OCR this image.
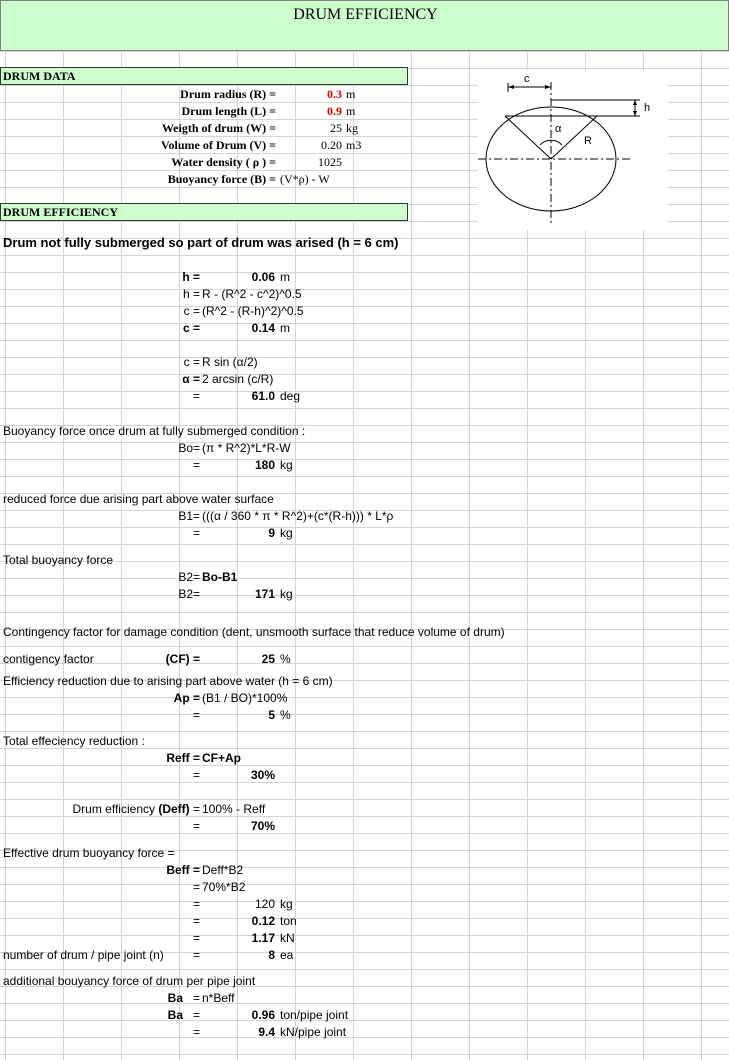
DRUM EFFICIENCY
DRUM DATA
Drum radius (R) =	0.3 m
Drum length (L) =	0.9 m
Weigth of drum (W) =	25 kg
Volume of Drum (V) =	0.20 m3
Water density ( ρ ) =	1025
Buoyancy force (B) = (V*ρ) - W
DRUM EFFICIENCY
Drum not fully submerged so part of drum was arised (h = 6 cm)
h =	0.06 m
h = R - (R^2 - c^2)^0.5
c = (R^2 - (R-h)^2)^0.5
c =	0.14 m
c = R sin (α/2)
α = 2 arcsin (c/R)
=	61.0 deg
Buoyancy force once drum at fully submerged condition :
Bo= (π * R^2)*L*R-W
=	180 kg
reduced force due arising part above water surface
B1= (((α / 360 * π * R^2)+(c*(R-h))) * L*ρ
=	9 kg
Total buoyancy force
B2= Bo-B1
B2=	171 kg
Contingency factor for damage condition (dent, unsmooth surface that reduce volume of drum)
contigency factor	(CF) =	25 %
Efficiency reduction due to arising part above water (h = 6 cm)
Ap = (B1 / BO)*100%
=	5 %
Total effeciency reduction :
Reff = CF+Ap
=	30%
Drum efficiency (Deff) = 100% - Reff
=	70%
Effective drum buoyancy force =
Beff = Deff*B2
= 70%*B2
=	120 kg
=	0.12 ton
=	1.17 kN
number of drum / pipe joint (n)	=	8 ea
additional bouyancy force of drum per pipe joint
Ba = n*Beff
Ba =	0.96 ton/pipe joint
=	9.4 kN/pipe joint
c
h
α
R
